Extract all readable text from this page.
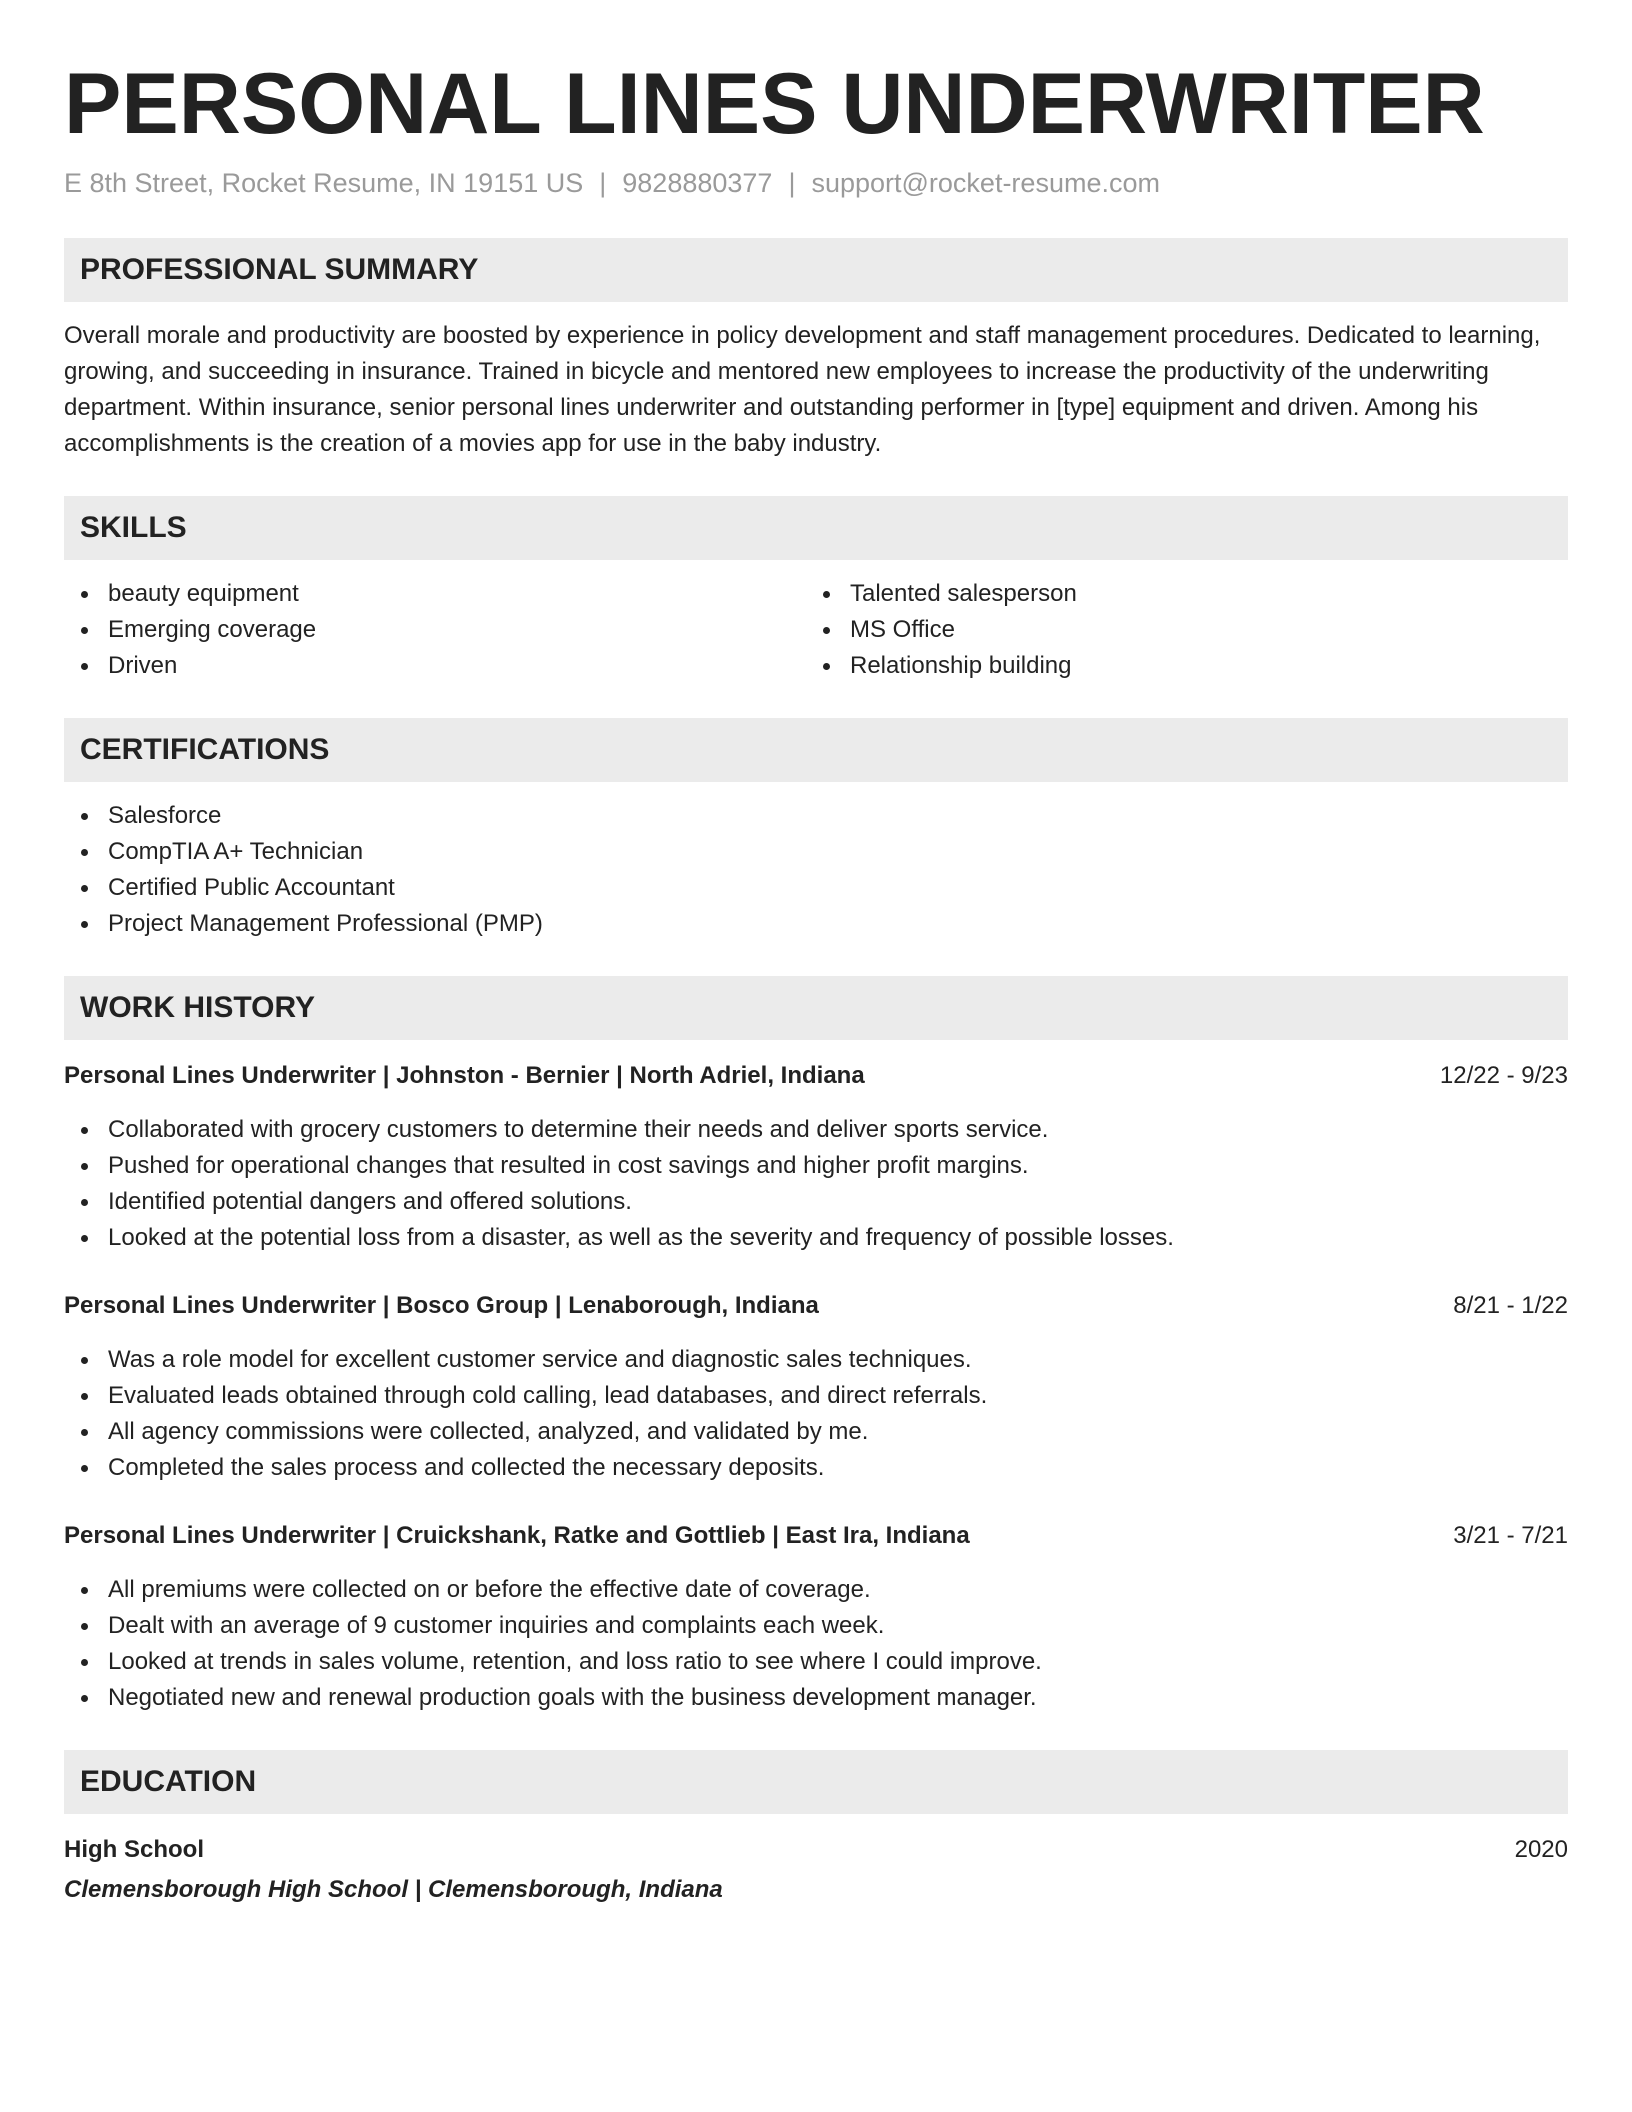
PERSONAL LINES UNDERWRITER
E 8th Street, Rocket Resume, IN 19151 US | 9828880377 | support@rocket-resume.com
PROFESSIONAL SUMMARY
Overall morale and productivity are boosted by experience in policy development and staff management procedures. Dedicated to learning, growing, and succeeding in insurance. Trained in bicycle and mentored new employees to increase the productivity of the underwriting department. Within insurance, senior personal lines underwriter and outstanding performer in [type] equipment and driven. Among his accomplishments is the creation of a movies app for use in the baby industry.
SKILLS
beauty equipment
Emerging coverage
Driven
Talented salesperson
MS Office
Relationship building
CERTIFICATIONS
Salesforce
CompTIA A+ Technician
Certified Public Accountant
Project Management Professional (PMP)
WORK HISTORY
Personal Lines Underwriter | Johnston - Bernier | North Adriel, Indiana	12/22 - 9/23
Collaborated with grocery customers to determine their needs and deliver sports service.
Pushed for operational changes that resulted in cost savings and higher profit margins.
Identified potential dangers and offered solutions.
Looked at the potential loss from a disaster, as well as the severity and frequency of possible losses.
Personal Lines Underwriter | Bosco Group | Lenaborough, Indiana	8/21 - 1/22
Was a role model for excellent customer service and diagnostic sales techniques.
Evaluated leads obtained through cold calling, lead databases, and direct referrals.
All agency commissions were collected, analyzed, and validated by me.
Completed the sales process and collected the necessary deposits.
Personal Lines Underwriter | Cruickshank, Ratke and Gottlieb | East Ira, Indiana	3/21 - 7/21
All premiums were collected on or before the effective date of coverage.
Dealt with an average of 9 customer inquiries and complaints each week.
Looked at trends in sales volume, retention, and loss ratio to see where I could improve.
Negotiated new and renewal production goals with the business development manager.
EDUCATION
High School	2020
Clemensborough High School | Clemensborough, Indiana
